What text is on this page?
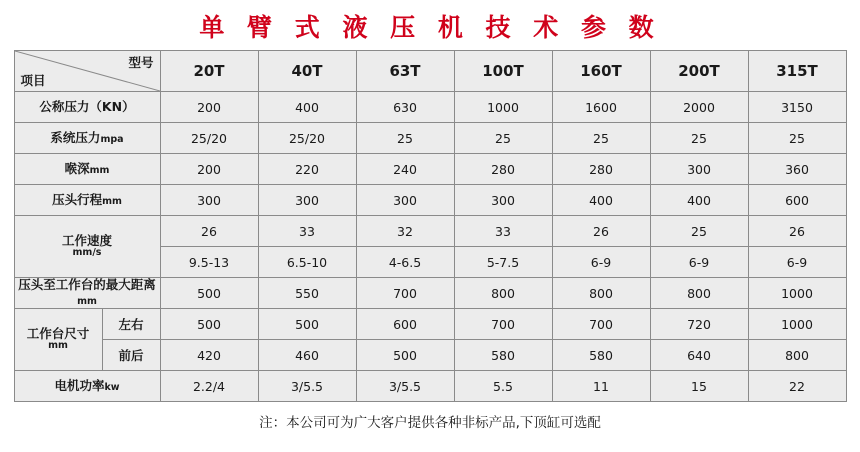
单 臂 式 液 压 机 技 术 参 数
型号
项目		20T	40T	63T	100T	160T	200T	315T
公称压力（KN）		200	400	630	1000	1600	2000	3150
系统压力mpa		25/20	25/20	25	25	25	25	25
喉深mm		200	220	240	280	280	300	360
压头行程mm		300	300	300	300	400	400	600

工作速度
mm/s		26	33	32	33	26	25	26
		9.5-13	6.5-10	4-6.5	5-7.5	6-9	6-9	6-9

压头至工作台的最大距离
mm		500	550	700	800	800	800	1000

工作台尺寸
mm	左右	500	500	600	700	700	720	1000
	前后	420	460	500	580	580	640	800
电机功率kw		2.2/4	3/5.5	3/5.5	5.5	11	15	22
注：本公司可为广大客户提供各种非标产品,下顶缸可选配
